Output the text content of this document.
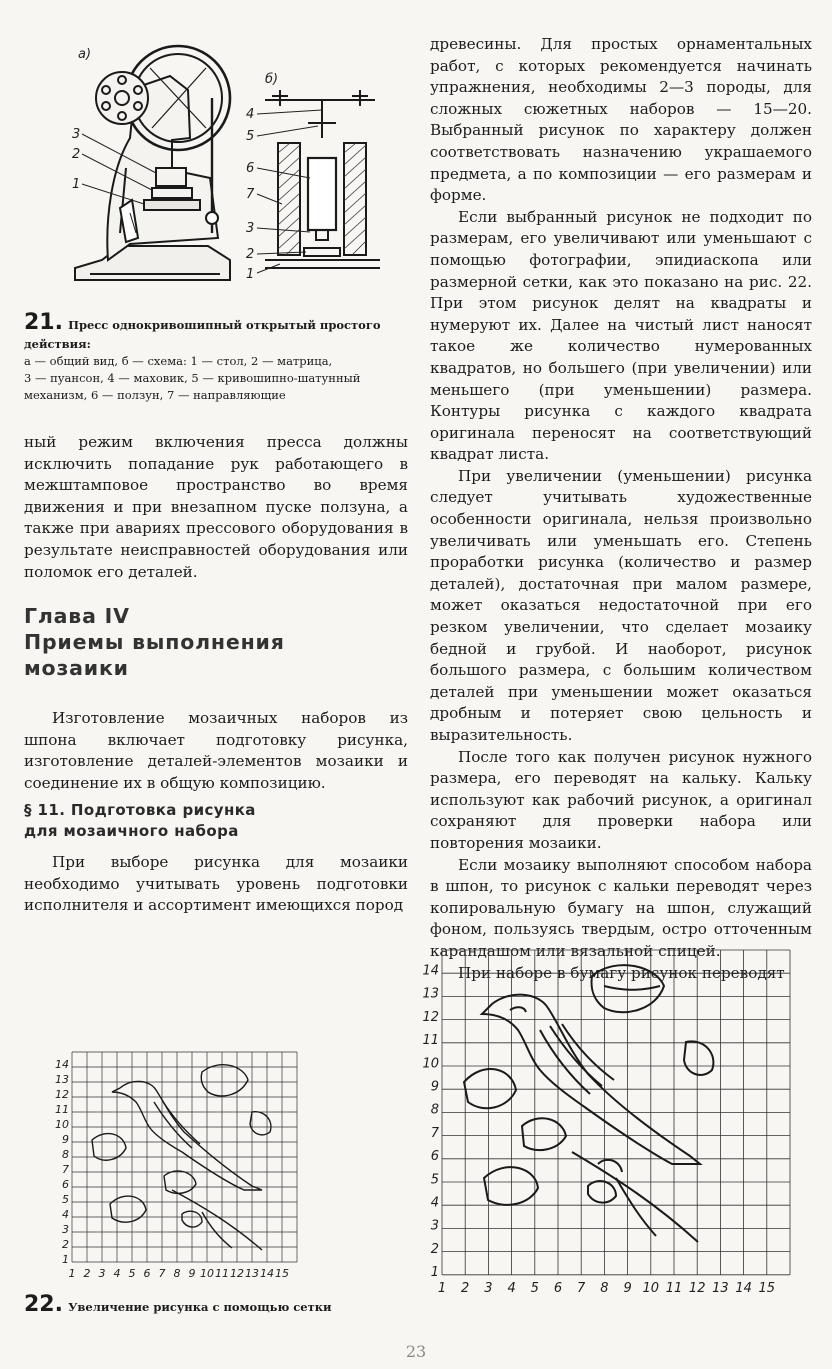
а)
3
2
1
б)
4
5
6
7
3
2
1
21. Пресс однокривошипный открытый простого действия:
а — общий вид, б — схема: 1 — стол, 2 — матрица,
3 — пуансон, 4 — маховик, 5 — кривошипно-шатунный
механизм, 6 — ползун, 7 — направляющие

ный режим включения пресса должны исключить попадание рук работающего в межштамповое пространство во время движения и при внезапном пуске ползуна, а также при авариях прессового оборудования в результате неисправностей оборудования или поломок его деталей.

Глава IV
Приемы выполнения
мозаики

Изготовление мозаичных наборов из шпона включает подготовку рисунка, изготовление деталей-элементов мозаики и соединение их в общую композицию.

§ 11. Подготовка рисунка
для мозаичного набора

При выборе рисунка для мозаики необходимо учитывать уровень подготовки исполнителя и ассортимент имеющихся пород

древесины. Для простых орнаментальных работ, с которых рекомендуется начинать упражнения, необходимы 2—3 породы, для сложных сюжетных наборов — 15—20. Выбранный рисунок по характеру должен соответствовать назначению украшаемого предмета, а по композиции — его размерам и форме.

Если выбранный рисунок не подходит по размерам, его увеличивают или уменьшают с помощью фотографии, эпидиаскопа или размерной сетки, как это показано на рис. 22. При этом рисунок делят на квадраты и нумеруют их. Далее на чистый лист наносят такое же количество нумерованных квадратов, но большего (при увеличении) или меньшего (при уменьшении) размера. Контуры рисунка с каждого квадрата оригинала переносят на соответствующий квадрат листа.

При увеличении (уменьшении) рисунка следует учитывать художественные особенности оригинала, нельзя произвольно увеличивать или уменьшать его. Степень проработки рисунка (количество и размер деталей), достаточная при малом размере, может оказаться недостаточной при его резком увеличении, что сделает мозаику бедной и грубой. И наоборот, рисунок большого размера, с большим количеством деталей при уменьшении может оказаться дробным и потеряет свою цельность и выразительность.

После того как получен рисунок нужного размера, его переводят на кальку. Кальку используют как рабочий рисунок, а оригинал сохраняют для проверки набора или повторения мозаики.

Если мозаику выполняют способом набора в шпон, то рисунок с кальки переводят через копировальную бумагу на шпон, служащий фоном, пользуясь твердым, остро отточенным карандашом или вязальной спицей.

При наборе в бумагу рисунок переводят

1
2
3
4
5
6
7
8
9
10
11
12
13
14
1 2 3 4 5 6 7 8 9 10 11 12 13 14 15	1
2
3
4
5
6
7
8
9
10
11
12
13
14
1 2 3 4 5 6 7 8 9 10 11 12 13 14 15
22. Увеличение рисунка с помощью сетки
23
